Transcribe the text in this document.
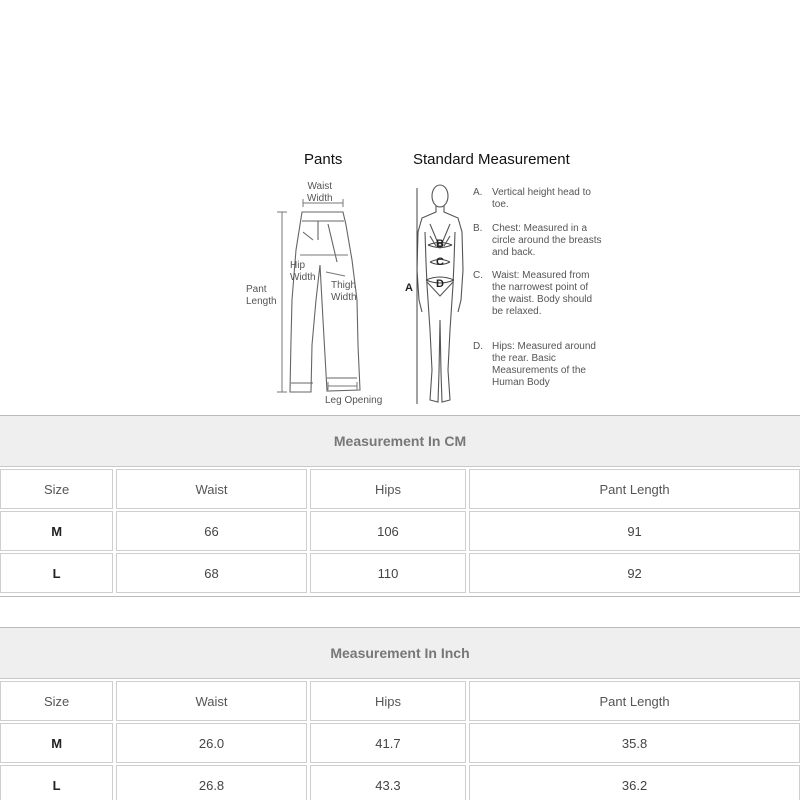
Pants	Standard Measurement
Waist
Width
Hip
Width
Thigh
Width
Pant
Length
Leg Opening
A
B
C
D
A. Vertical height head to toe.
B. Chest: Measured in a circle around the breasts and back.
C. Waist: Measured from the narrowest point of the waist. Body should be relaxed.
D. Hips: Measured around the rear. Basic Measurements of the Human Body
Measurement In CM
Size	Waist	Hips	Pant Length
M	66	106	91
L	68	110	92
Measurement In Inch
Size	Waist	Hips	Pant Length
M	26.0	41.7	35.8
L	26.8	43.3	36.2
